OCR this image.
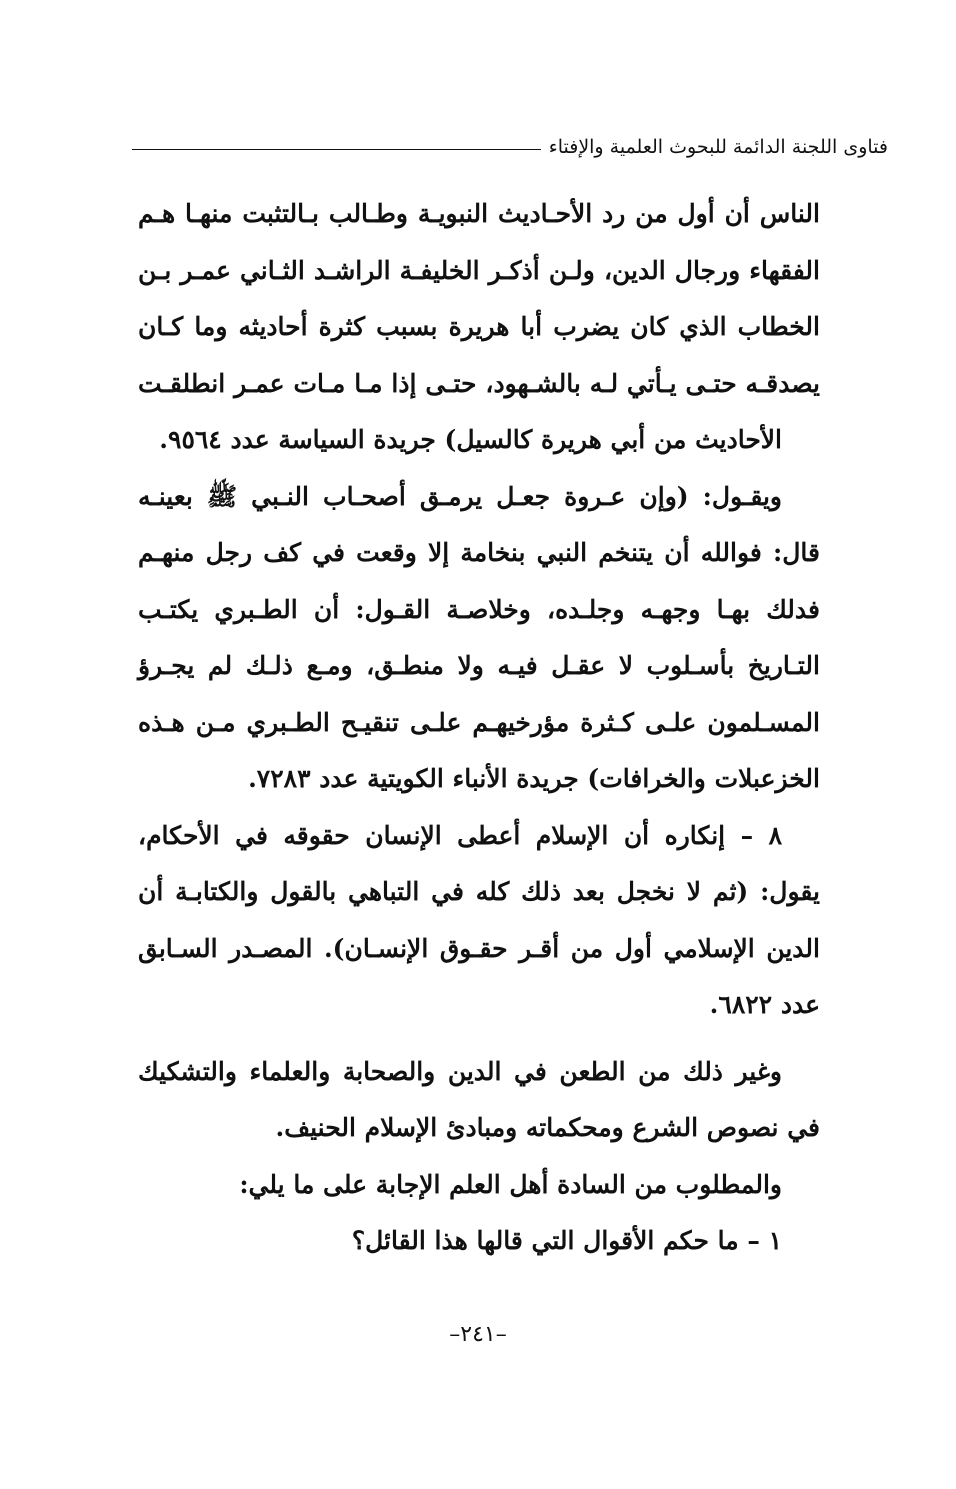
فتاوى اللجنة الدائمة للبحوث العلمية والإفتاء
الناس أن أول من رد الأحـاديث النبويـة وطـالب بـالتثبت منهـا هـم
الفقهاء ورجال الدين، ولـن أذكـر الخليفـة الراشـد الثـاني عمـر بـن
الخطاب الذي كان يضرب أبا هريرة بسبب كثرة أحاديثه وما كـان
يصدقـه حتـى يـأتي لـه بالشـهود، حتـى إذا مـا مـات عمـر انطلقـت
الأحاديث من أبي هريرة كالسيل) جريدة السياسة عدد ٩٥٦٤.
ويقـول: (وإن عـروة جعـل يرمـق أصحـاب النـبي ﷺ بعينـه
قال: فوالله أن يتنخم النبي بنخامة إلا وقعت في كف رجل منهـم
فدلك بهـا وجهـه وجلـده، وخلاصـة القـول: أن الطـبري يكتـب
التـاريخ بأسـلوب لا عقـل فيـه ولا منطـق، ومـع ذلـك لم يجـرؤ
المسـلمون علـى كـثرة مؤرخيهـم علـى تنقيـح الطـبري مـن هـذه
الخزعبلات والخرافات) جريدة الأنباء الكويتية عدد ٧٢٨٣.
٨ – إنكاره أن الإسلام أعطى الإنسان حقوقه في الأحكام،
يقول: (ثم لا نخجل بعد ذلك كله في التباهي بالقول والكتابـة أن
الدين الإسلامي أول من أقـر حقـوق الإنسـان). المصـدر السـابق
عدد ٦٨٢٢.
وغير ذلك من الطعن في الدين والصحابة والعلماء والتشكيك
في نصوص الشرع ومحكماته ومبادئ الإسلام الحنيف.
والمطلوب من السادة أهل العلم الإجابة على ما يلي:
١ – ما حكم الأقوال التي قالها هذا القائل؟
–٢٤١–
